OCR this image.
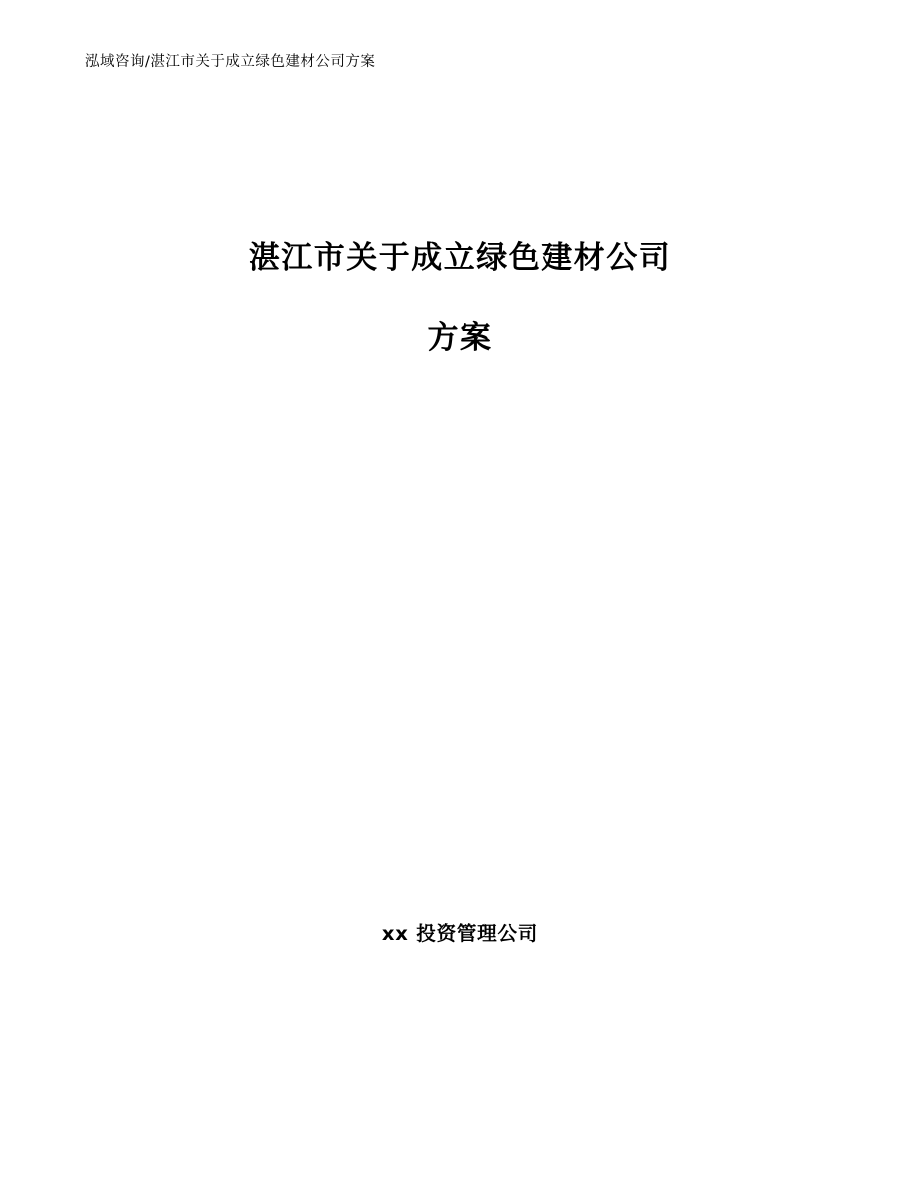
泓域咨询/湛江市关于成立绿色建材公司方案
湛江市关于成立绿色建材公司
方案
xx 投资管理公司
